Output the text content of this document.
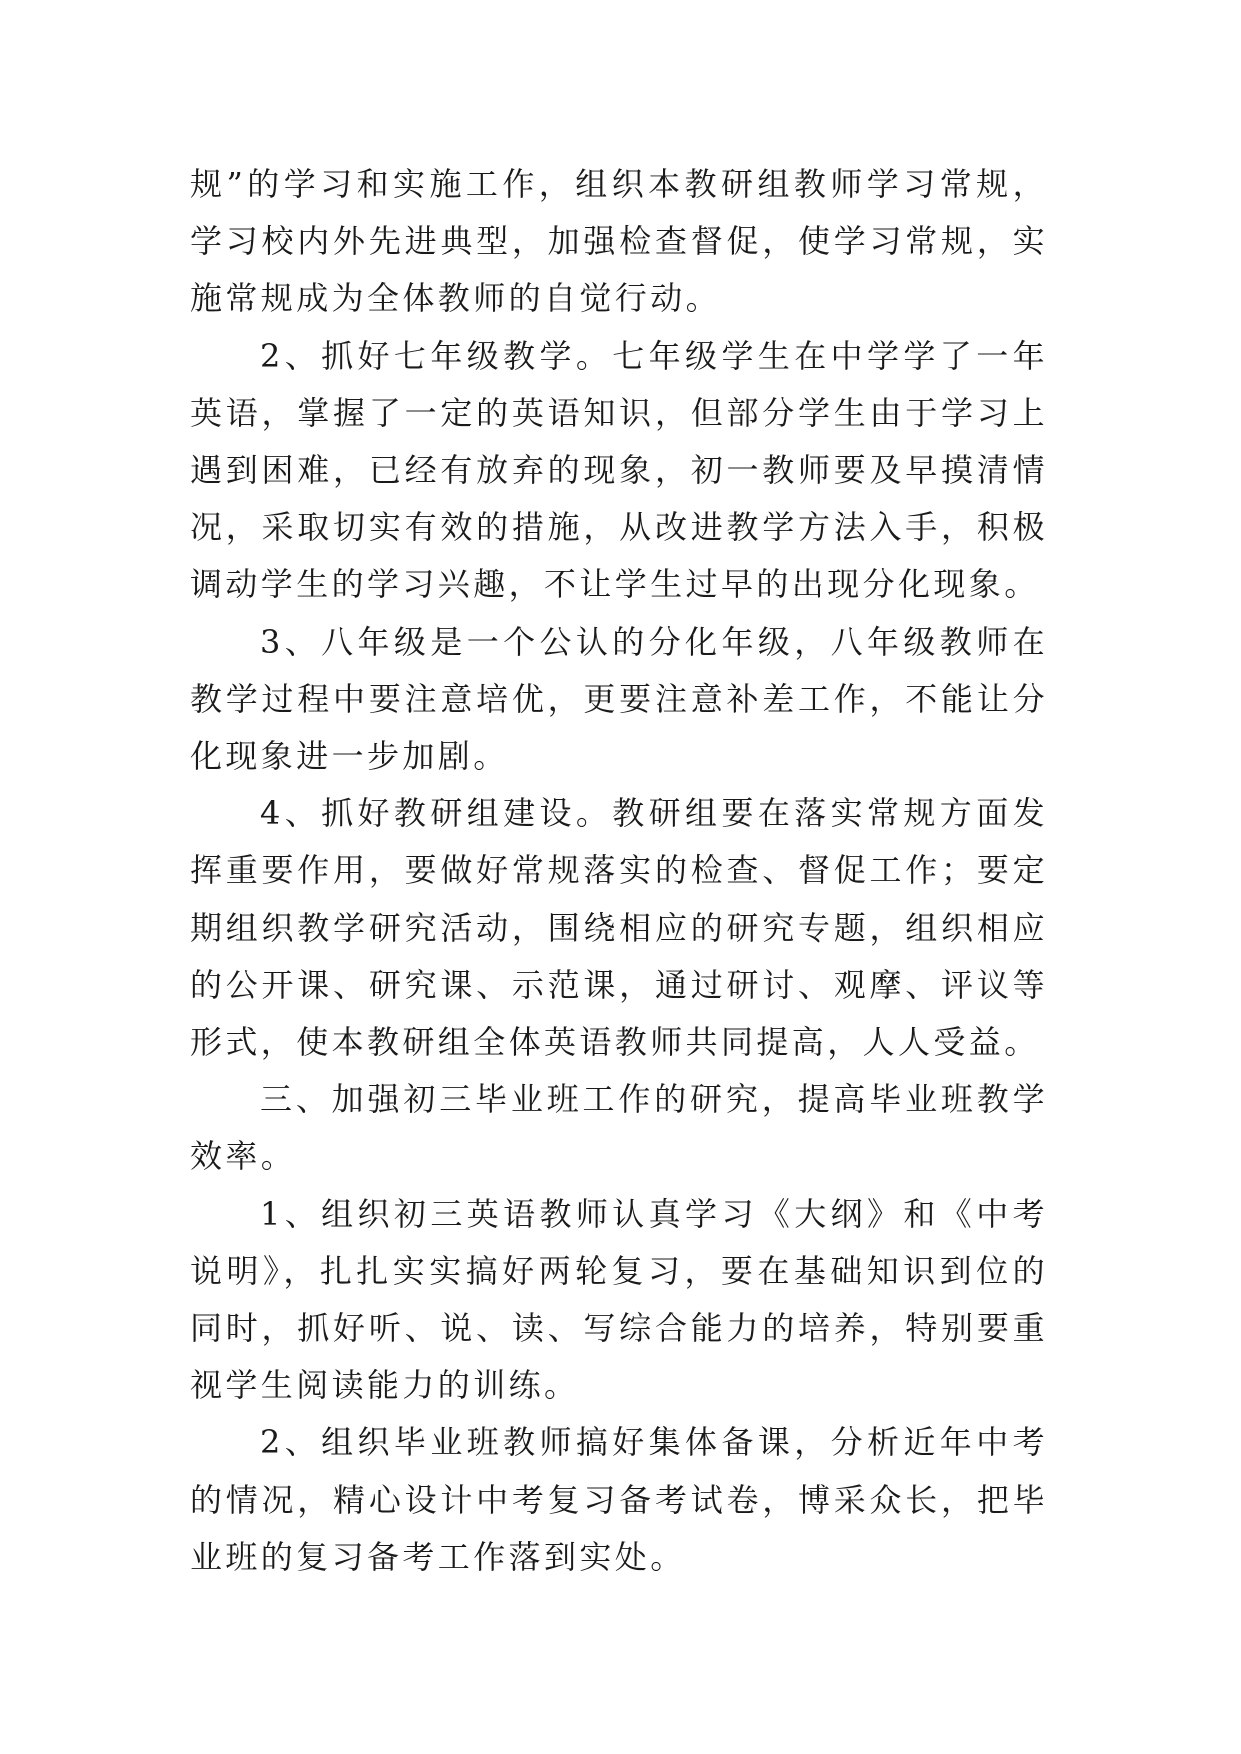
规”的学习和实施工作，组织本教研组教师学习常规，学习校内外先进典型，加强检查督促，使学习常规，实施常规成为全体教师的自觉行动。

2、抓好七年级教学。七年级学生在中学学了一年英语，掌握了一定的英语知识，但部分学生由于学习上遇到困难，已经有放弃的现象，初一教师要及早摸清情况，采取切实有效的措施，从改进教学方法入手，积极调动学生的学习兴趣，不让学生过早的出现分化现象。

3、八年级是一个公认的分化年级，八年级教师在教学过程中要注意培优，更要注意补差工作，不能让分化现象进一步加剧。

4、抓好教研组建设。教研组要在落实常规方面发挥重要作用，要做好常规落实的检查、督促工作；要定期组织教学研究活动，围绕相应的研究专题，组织相应的公开课、研究课、示范课，通过研讨、观摩、评议等形式，使本教研组全体英语教师共同提高，人人受益。

三、加强初三毕业班工作的研究，提高毕业班教学效率。

1、组织初三英语教师认真学习《大纲》和《中考说明》，扎扎实实搞好两轮复习，要在基础知识到位的同时，抓好听、说、读、写综合能力的培养，特别要重视学生阅读能力的训练。

2、组织毕业班教师搞好集体备课，分析近年中考的情况，精心设计中考复习备考试卷，博采众长，把毕业班的复习备考工作落到实处。
